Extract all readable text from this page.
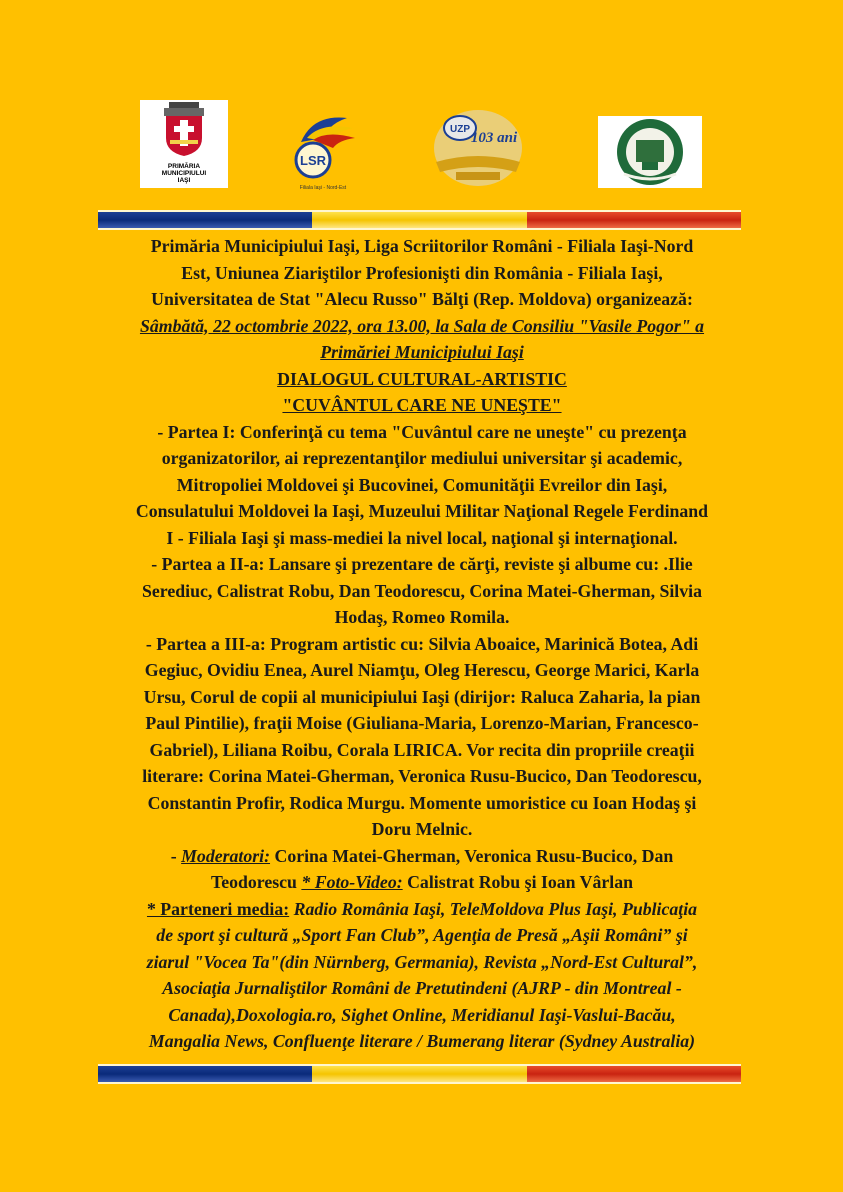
PRIMĂRIA
MUNICIPIULUI
IAŞI
LSR
Filiala Iaşi - Nord-Est
UZP
103 ani

Primăria Municipiului Iaşi, Liga Scriitorilor Români - Filiala Iaşi-Nord
Est, Uniunea Ziariştilor Profesionişti din România - Filiala Iaşi,
Universitatea de Stat "Alecu Russo" Bălţi (Rep. Moldova) organizează:

Sâmbătă, 22 octombrie 2022, ora 13.00, la Sala de Consiliu "Vasile Pogor" a
Primăriei Municipiului Iaşi

DIALOGUL CULTURAL-ARTISTIC
"CUVÂNTUL CARE NE UNEŞTE"

- Partea I: Conferinţă cu tema "Cuvântul care ne uneşte" cu prezenţa
organizatorilor, ai reprezentanţilor mediului universitar şi academic,
Mitropoliei Moldovei şi Bucovinei, Comunităţii Evreilor din Iaşi,
Consulatului Moldovei la Iaşi, Muzeului Militar Naţional Regele Ferdinand
I - Filiala Iaşi şi mass-mediei la nivel local, naţional şi internaţional.

- Partea a II-a: Lansare şi prezentare de cărţi, reviste şi albume cu: .Ilie
Serediuc, Calistrat Robu, Dan Teodorescu, Corina Matei-Gherman, Silvia
Hodaş, Romeo Romila.

- Partea a III-a: Program artistic cu: Silvia Aboaice, Marinică Botea, Adi
Gegiuc, Ovidiu Enea, Aurel Niamţu, Oleg Herescu, George Marici, Karla
Ursu, Corul de copii al municipiului Iaşi (dirijor: Raluca Zaharia, la pian
Paul Pintilie), fraţii Moise (Giuliana-Maria, Lorenzo-Marian, Francesco-
Gabriel), Liliana Roibu, Corala LIRICA. Vor recita din propriile creaţii
literare: Corina Matei-Gherman, Veronica Rusu-Bucico, Dan Teodorescu,
Constantin Profir, Rodica Murgu. Momente umoristice cu Ioan Hodaş şi
Doru Melnic.

- Moderatori: Corina Matei-Gherman, Veronica Rusu-Bucico, Dan
Teodorescu * Foto-Video: Calistrat Robu şi Ioan Vârlan

* Parteneri media: Radio România Iaşi, TeleMoldova Plus Iaşi, Publicaţia
de sport şi cultură „Sport Fan Club”, Agenţia de Presă „Aşii Români” şi
ziarul "Vocea Ta"(din Nürnberg, Germania), Revista „Nord-Est Cultural”,
Asociaţia Jurnaliştilor Români de Pretutindeni (AJRP - din Montreal -
Canada),Doxologia.ro, Sighet Online, Meridianul Iaşi-Vaslui-Bacău,
Mangalia News, Confluenţe literare / Bumerang literar (Sydney Australia)
